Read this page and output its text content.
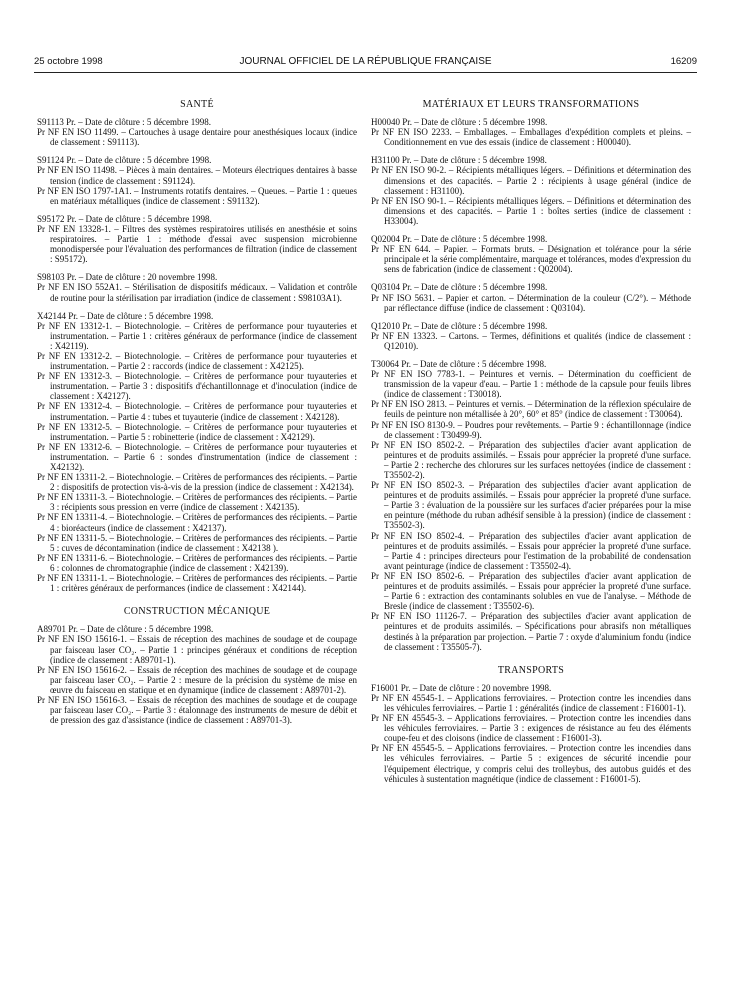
25 octobre 1998	JOURNAL OFFICIEL DE LA RÉPUBLIQUE FRANÇAISE	16209
SANTÉ
S91113 Pr. – Date de clôture : 5 décembre 1998.
Pr NF EN ISO 11499. – Cartouches à usage dentaire pour anesthésiques locaux (indice de classement : S91113).
S91124 Pr. – Date de clôture : 5 décembre 1998.
Pr NF EN ISO 11498. – Pièces à main dentaires. – Moteurs électriques dentaires à basse tension (indice de classement : S91124).
Pr NF EN ISO 1797-1A1. – Instruments rotatifs dentaires. – Queues. – Partie 1 : queues en matériaux métalliques (indice de classement : S91132).
S95172 Pr. – Date de clôture : 5 décembre 1998.
Pr NF EN 13328-1. – Filtres des systèmes respiratoires utilisés en anesthésie et soins respiratoires. – Partie 1 : méthode d'essai avec suspension microbienne monodispersée pour l'évaluation des performances de filtration (indice de classement : S95172).
S98103 Pr. – Date de clôture : 20 novembre 1998.
Pr NF EN ISO 552A1. – Stérilisation de dispositifs médicaux. – Validation et contrôle de routine pour la stérilisation par irradiation (indice de classement : S98103A1).
X42144 Pr. – Date de clôture : 5 décembre 1998.
Pr NF EN 13312-1. – Biotechnologie. – Critères de performance pour tuyauteries et instrumentation. – Partie 1 : critères généraux de performance (indice de classement : X42119).
Pr NF EN 13312-2. – Biotechnologie. – Critères de performance pour tuyauteries et instrumentation. – Partie 2 : raccords (indice de classement : X42125).
Pr NF EN 13312-3. – Biotechnologie. – Critères de performance pour tuyauteries et instrumentation. – Partie 3 : dispositifs d'échantillonnage et d'inoculation (indice de classement : X42127).
Pr NF EN 13312-4. – Biotechnologie. – Critères de performance pour tuyauteries et instrumentation. – Partie 4 : tubes et tuyauterie (indice de classement : X42128).
Pr NF EN 13312-5. – Biotechnologie. – Critères de performance pour tuyauteries et instrumentation. – Partie 5 : robinetterie (indice de classement : X42129).
Pr NF EN 13312-6. – Biotechnologie. – Critères de performance pour tuyauteries et instrumentation. – Partie 6 : sondes d'instrumentation (indice de classement : X42132).
Pr NF EN 13311-2. – Biotechnologie. – Critères de performances des récipients. – Partie 2 : dispositifs de protection vis-à-vis de la pression (indice de classement : X42134).
Pr NF EN 13311-3. – Biotechnologie. – Critères de performances des récipients. – Partie 3 : récipients sous pression en verre (indice de classement : X42135).
Pr NF EN 13311-4. – Biotechnologie. – Critères de performances des récipients. – Partie 4 : bioréacteurs (indice de classement : X42137).
Pr NF EN 13311-5. – Biotechnologie. – Critères de performances des récipients. – Partie 5 : cuves de décontamination (indice de classement : X42138 ).
Pr NF EN 13311-6. – Biotechnologie. – Critères de performances des récipients. – Partie 6 : colonnes de chromatographie (indice de classement : X42139).
Pr NF EN 13311-1. – Biotechnologie. – Critères de performances des récipients. – Partie 1 : critères généraux de performances (indice de classement : X42144).
CONSTRUCTION MÉCANIQUE
A89701 Pr. – Date de clôture : 5 décembre 1998.
Pr NF EN ISO 15616-1. – Essais de réception des machines de soudage et de coupage par faisceau laser CO₂. – Partie 1 : principes généraux et conditions de réception (indice de classement : A89701-1).
Pr NF EN ISO 15616-2. – Essais de réception des machines de soudage et de coupage par faisceau laser CO₂. – Partie 2 : mesure de la précision du système de mise en œuvre du faisceau en statique et en dynamique (indice de classement : A89701-2).
Pr NF EN ISO 15616-3. – Essais de réception des machines de soudage et de coupage par faisceau laser CO₂. – Partie 3 : étalonnage des instruments de mesure de débit et de pression des gaz d'assistance (indice de classement : A89701-3).
MATÉRIAUX ET LEURS TRANSFORMATIONS
H00040 Pr. – Date de clôture : 5 décembre 1998.
Pr NF EN ISO 2233. – Emballages. – Emballages d'expédition complets et pleins. – Conditionnement en vue des essais (indice de classement : H00040).
H31100 Pr. – Date de clôture : 5 décembre 1998.
Pr NF EN ISO 90-2. – Récipients métalliques légers. – Définitions et détermination des dimensions et des capacités. – Partie 2 : récipients à usage général (indice de classement : H31100).
Pr NF EN ISO 90-1. – Récipients métalliques légers. – Définitions et détermination des dimensions et des capacités. – Partie 1 : boîtes serties (indice de classement : H33004).
Q02004 Pr. – Date de clôture : 5 décembre 1998.
Pr NF EN 644. – Papier. – Formats bruts. – Désignation et tolérance pour la série principale et la série complémentaire, marquage et tolérances, modes d'expression du sens de fabrication (indice de classement : Q02004).
Q03104 Pr. – Date de clôture : 5 décembre 1998.
Pr NF ISO 5631. – Papier et carton. – Détermination de la couleur (C/2°). – Méthode par réflectance diffuse (indice de classement : Q03104).
Q12010 Pr. – Date de clôture : 5 décembre 1998.
Pr NF EN 13323. – Cartons. – Termes, définitions et qualités (indice de classement : Q12010).
T30064 Pr. – Date de clôture : 5 décembre 1998.
Pr NF EN ISO 7783-1. – Peintures et vernis. – Détermination du coefficient de transmission de la vapeur d'eau. – Partie 1 : méthode de la capsule pour feuils libres (indice de classement : T30018).
Pr NF EN ISO 2813. – Peintures et vernis. – Détermination de la réflexion spéculaire de feuils de peinture non métallisée à 20°, 60° et 85° (indice de classement : T30064).
Pr NF EN ISO 8130-9. – Poudres pour revêtements. – Partie 9 : échantillonnage (indice de classement : T30499-9).
Pr NF EN ISO 8502-2. – Préparation des subjectiles d'acier avant application de peintures et de produits assimilés. – Essais pour apprécier la propreté d'une surface. – Partie 2 : recherche des chlorures sur les surfaces nettoyées (indice de classement : T35502-2).
Pr NF EN ISO 8502-3. – Préparation des subjectiles d'acier avant application de peintures et de produits assimilés. – Essais pour apprécier la propreté d'une surface. – Partie 3 : évaluation de la poussière sur les surfaces d'acier préparées pour la mise en peinture (méthode du ruban adhésif sensible à la pression) (indice de classement : T35502-3).
Pr NF EN ISO 8502-4. – Préparation des subjectiles d'acier avant application de peintures et de produits assimilés. – Essais pour apprécier la propreté d'une surface. – Partie 4 : principes directeurs pour l'estimation de la probabilité de condensation avant peinturage (indice de classement : T35502-4).
Pr NF EN ISO 8502-6. – Préparation des subjectiles d'acier avant application de peintures et de produits assimilés. – Essais pour apprécier la propreté d'une surface. – Partie 6 : extraction des contaminants solubles en vue de l'analyse. – Méthode de Bresle (indice de classement : T35502-6).
Pr NF EN ISO 11126-7. – Préparation des subjectiles d'acier avant application de peintures et de produits assimilés. – Spécifications pour abrasifs non métalliques destinés à la préparation par projection. – Partie 7 : oxyde d'aluminium fondu (indice de classement : T35505-7).
TRANSPORTS
F16001 Pr. – Date de clôture : 20 novembre 1998.
Pr NF EN 45545-1. – Applications ferroviaires. – Protection contre les incendies dans les véhicules ferroviaires. – Partie 1 : généralités (indice de classement : F16001-1).
Pr NF EN 45545-3. – Applications ferroviaires. – Protection contre les incendies dans les véhicules ferroviaires. – Partie 3 : exigences de résistance au feu des éléments coupe-feu et des cloisons (indice de classement : F16001-3).
Pr NF EN 45545-5. – Applications ferroviaires. – Protection contre les incendies dans les véhicules ferroviaires. – Partie 5 : exigences de sécurité incendie pour l'équipement électrique, y compris celui des trolleybus, des autobus guidés et des véhicules à sustentation magnétique (indice de classement : F16001-5).
